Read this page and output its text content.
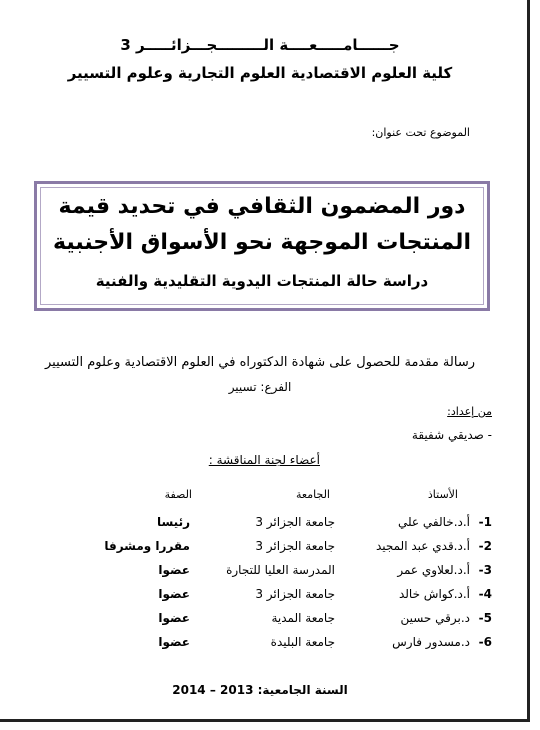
جــــــامـــــعــــة الـــــــــجـــزائـــــر 3
كلية العلوم الاقتصادية العلوم التجارية وعلوم التسيير
الموضوع تحت عنوان:
دور المضمون الثقافي في تحديد قيمة
المنتجات الموجهة نحو الأسواق الأجنبية
دراسة حالة المنتجات اليدوية التقليدية والفنية
رسالة مقدمة للحصول على شهادة الدكتوراه في العلوم الاقتصادية وعلوم التسيير
الفرع: تسيير
من إعداد:
- صديقي شفيقة
أعضاء لجنة المناقشة :
الأستاذ
الجامعة
الصفة
1-
أ.د.خالفي علي
جامعة الجزائر 3
رئيسا
2-
أ.د.قدي عبد المجيد
جامعة الجزائر 3
مقررا ومشرفا
3-
أ.د.لعلاوي عمر
المدرسة العليا للتجارة
عضوا
4-
أ.د.كواش خالد
جامعة الجزائر 3
عضوا
5-
د.برقي حسين
جامعة المدية
عضوا
6-
د.مسدور فارس
جامعة البليدة
عضوا
السنة الجامعية: 2013 – 2014
